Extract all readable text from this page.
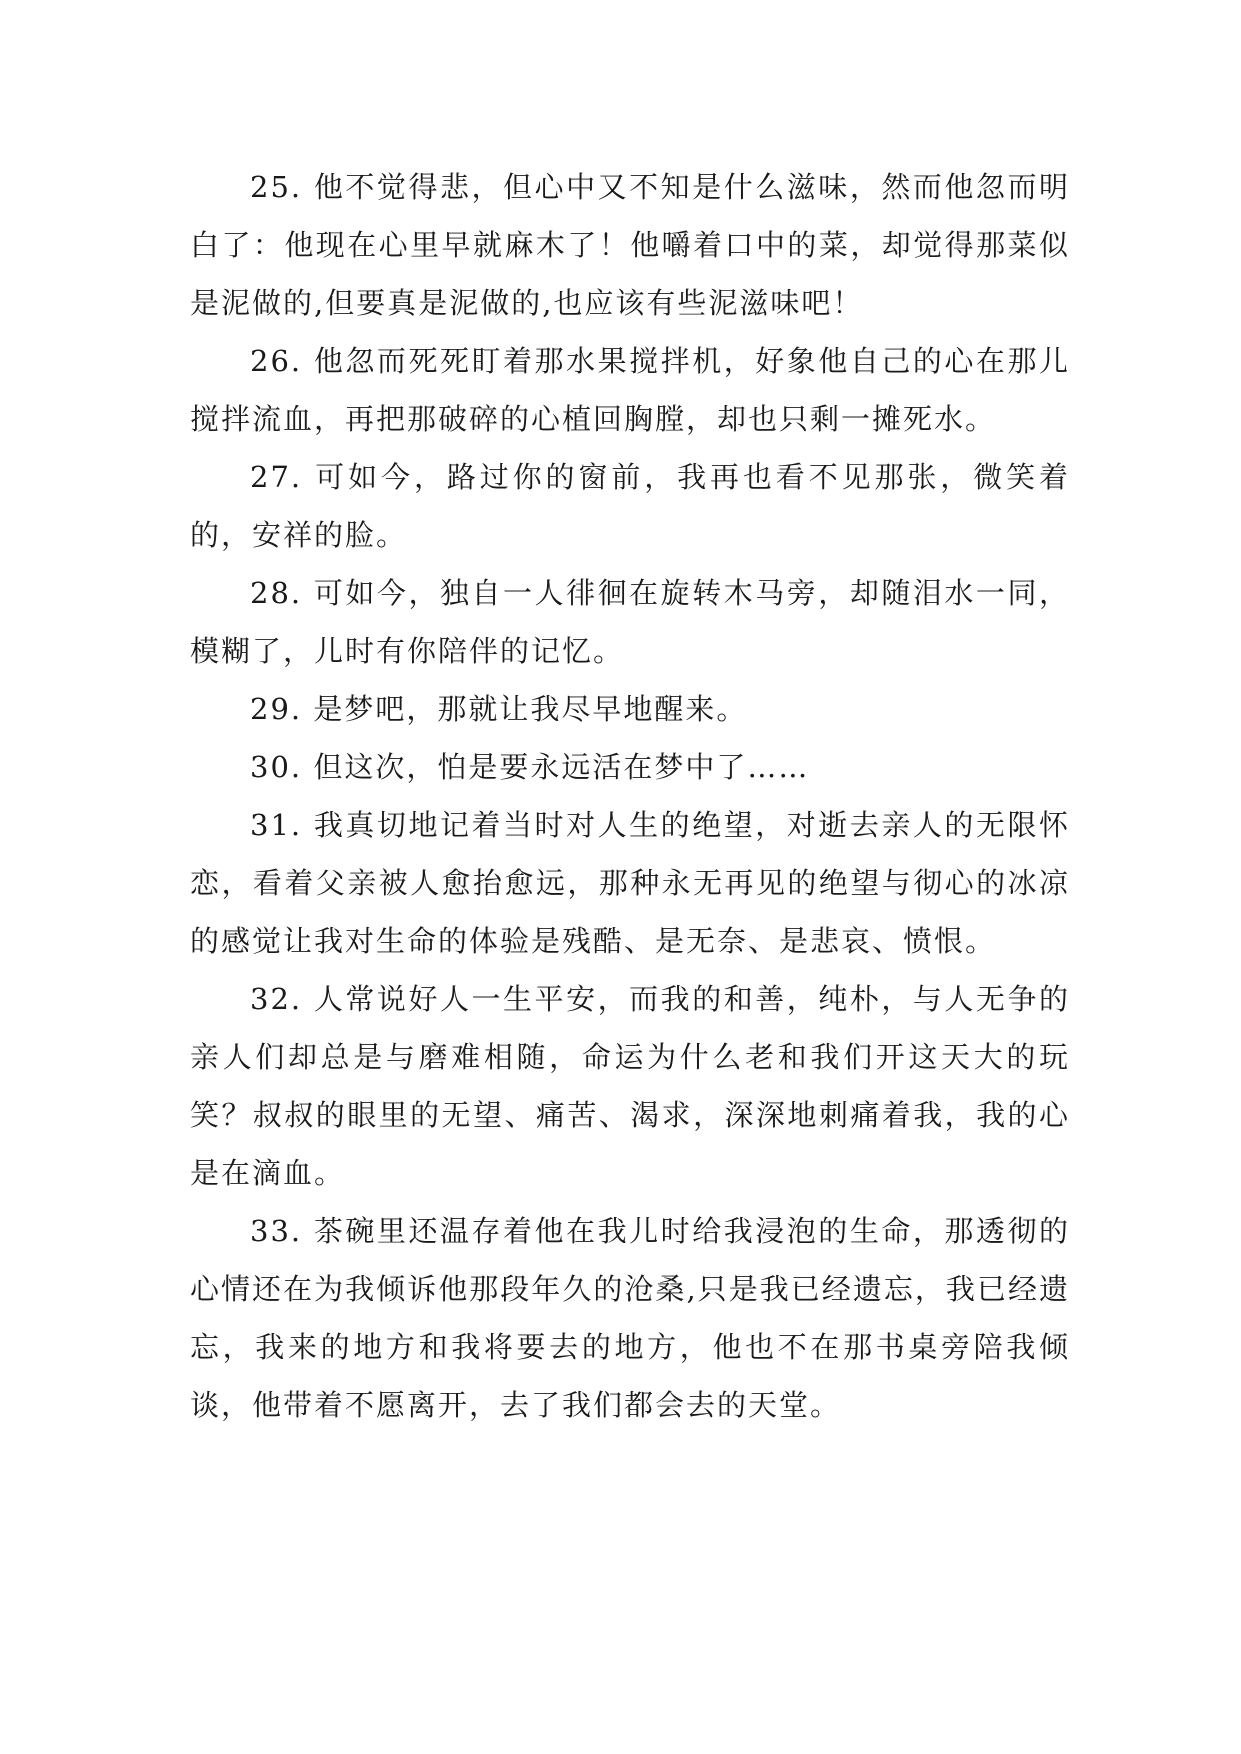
25. 他不觉得悲，但心中又不知是什么滋味，然而他忽而明白了：他现在心里早就麻木了！他嚼着口中的菜，却觉得那菜似是泥做的,但要真是泥做的,也应该有些泥滋味吧！

26. 他忽而死死盯着那水果搅拌机，好象他自己的心在那儿搅拌流血，再把那破碎的心植回胸膛，却也只剩一摊死水。

27. 可如今，路过你的窗前，我再也看不见那张，微笑着的，安祥的脸。

28. 可如今，独自一人徘徊在旋转木马旁，却随泪水一同，模糊了，儿时有你陪伴的记忆。

29. 是梦吧，那就让我尽早地醒来。

30. 但这次，怕是要永远活在梦中了……

31. 我真切地记着当时对人生的绝望，对逝去亲人的无限怀恋，看着父亲被人愈抬愈远，那种永无再见的绝望与彻心的冰凉的感觉让我对生命的体验是残酷、是无奈、是悲哀、愤恨。

32. 人常说好人一生平安，而我的和善，纯朴，与人无争的亲人们却总是与磨难相随，命运为什么老和我们开这天大的玩笑？叔叔的眼里的无望、痛苦、渴求，深深地刺痛着我，我的心是在滴血。

33. 茶碗里还温存着他在我儿时给我浸泡的生命，那透彻的心情还在为我倾诉他那段年久的沧桑,只是我已经遗忘，我已经遗忘，我来的地方和我将要去的地方，他也不在那书桌旁陪我倾谈，他带着不愿离开，去了我们都会去的天堂。
